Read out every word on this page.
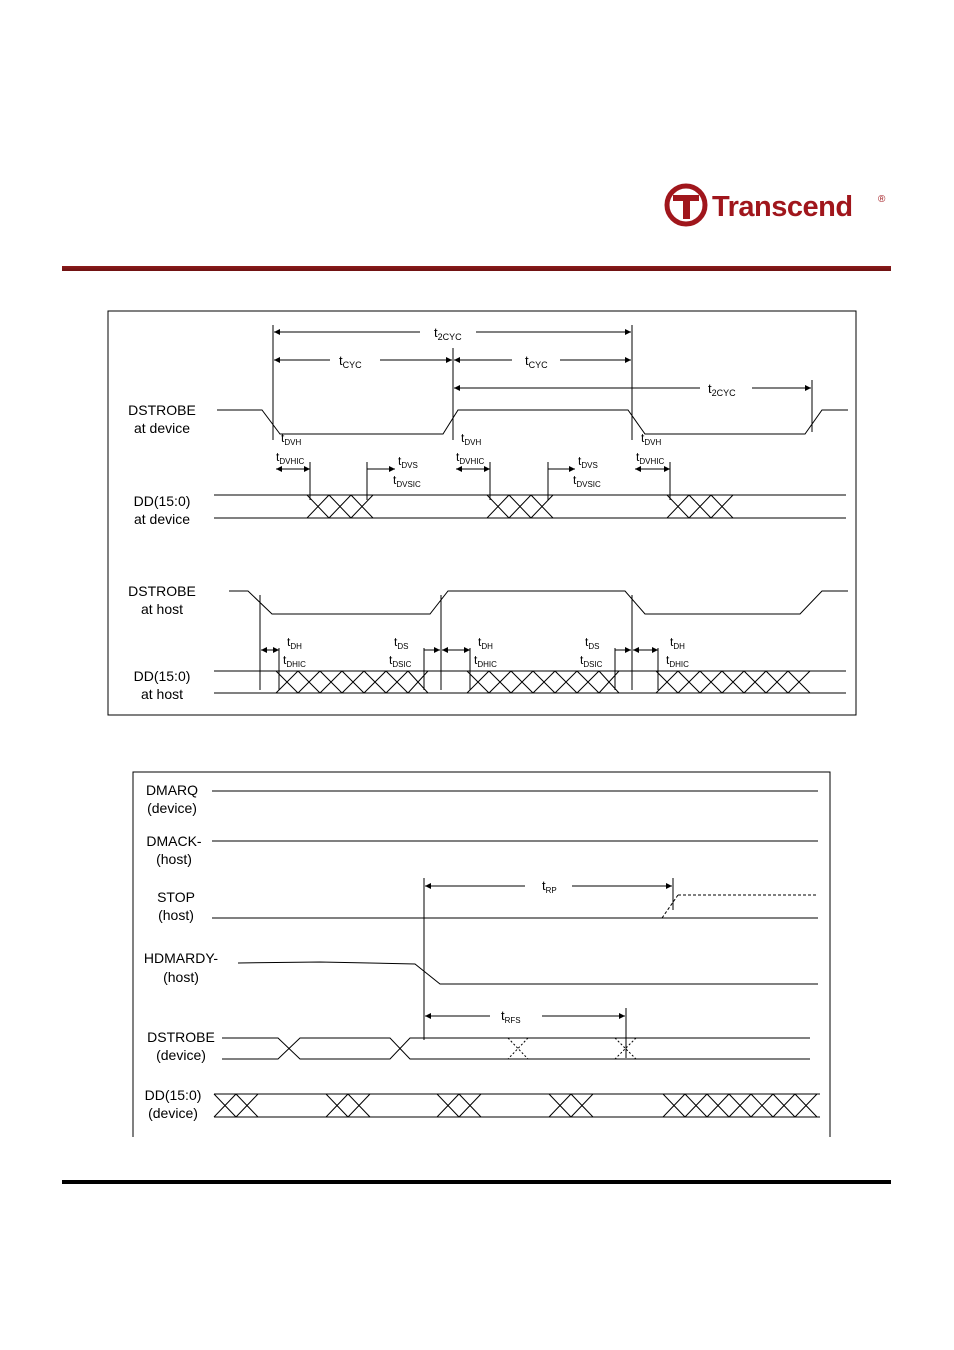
Transcend	®
DSTROBE
at device
DD(15:0)
at device
DSTROBE
at host
DD(15:0)
at host
$t_{2CYC}$
$t_{CYC}$	$t_{CYC}$
$t_{2CYC}$
$t_{DVH}$
$t_{DVHIC}$
$t_{DVH}$
$t_{DVHIC}$
$t_{DVH}$
$t_{DVHIC}$
$t_{DVS}$
$t_{DVSIC}$
$t_{DVS}$
$t_{DVSIC}$
$t_{DH}$
$t_{DHIC}$
$t_{DS}$
$t_{DSIC}$
$t_{DH}$
$t_{DHIC}$
$t_{DS}$
$t_{DSIC}$
$t_{DH}$
$t_{DHIC}$
DMARQ
(device)
DMACK-
(host)
STOP
(host)
HDMARDY-
(host)
DSTROBE
(device)
DD(15:0)
(device)
$t_{RP}$
$t_{RFS}$
